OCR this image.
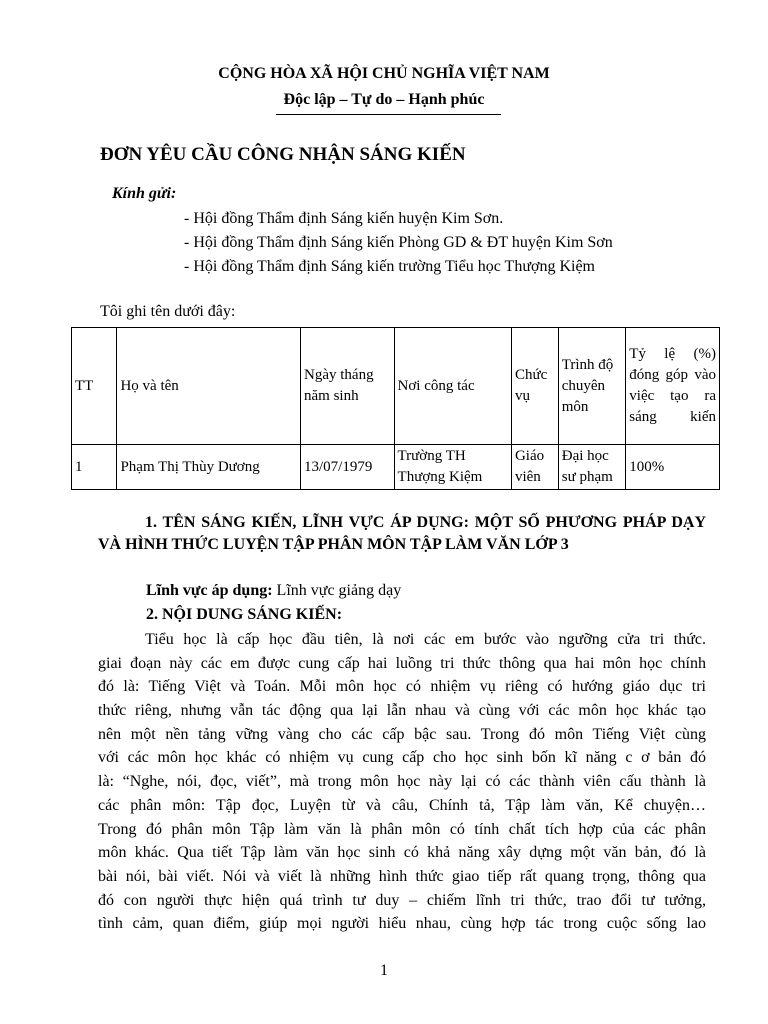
CỘNG HÒA XÃ HỘI CHỦ NGHĨA VIỆT NAM
Độc lập – Tự do – Hạnh phúc
ĐƠN YÊU CẦU CÔNG NHẬN SÁNG KIẾN
Kính gửi:
- Hội đồng Thẩm định Sáng kiến huyện Kim Sơn.
- Hội đồng Thẩm định Sáng kiến Phòng GD & ĐT huyện Kim Sơn
- Hội đồng Thẩm định Sáng kiến trường Tiểu học Thượng Kiệm
Tôi ghi tên dưới đây:
TT	Họ và tên	Ngày tháng năm sinh	Nơi công tác	Chức vụ	Trình độ chuyên môn	Tỷ lệ (%) đóng góp vào việc tạo ra sáng kiến
1	Phạm Thị Thùy Dương	13/07/1979	Trường TH Thượng Kiệm	Giáo viên	Đại học sư phạm	100%
1. TÊN SÁNG KIẾN, LĨNH VỰC ÁP DỤNG: MỘT SỐ PHƯƠNG PHÁP DẠY VÀ HÌNH THỨC LUYỆN TẬP PHÂN MÔN TẬP LÀM VĂN LỚP 3
Lĩnh vực áp dụng: Lĩnh vực giảng dạy
2. NỘI DUNG SÁNG KIẾN:
Tiểu học là cấp học đầu tiên, là nơi các em bước vào ngưỡng cửa tri thức.
giai đoạn này các em được cung cấp hai luồng tri thức thông qua hai môn học chính
đó là: Tiếng Việt và Toán. Mỗi môn học có nhiệm vụ riêng có hướng giáo dục tri
thức riêng, nhưng vẫn tác động qua lại lẫn nhau và cùng với các môn học khác tạo
nên một nền tảng vững vàng cho các cấp bậc sau. Trong đó môn Tiếng Việt cùng
với các môn học khác có nhiệm vụ cung cấp cho học sinh bốn kĩ năng c ơ bản đó
là: “Nghe, nói, đọc, viết”, mà trong môn học này lại có các thành viên cấu thành là
các phân môn: Tập đọc, Luyện từ và câu, Chính tả, Tập làm văn, Kể chuyện…
Trong đó phân môn Tập làm văn là phân môn có tính chất tích hợp của các phân
môn khác. Qua tiết Tập làm văn học sinh có khả năng xây dựng một văn bản, đó là
bài nói, bài viết. Nói và viết là những hình thức giao tiếp rất quang trọng, thông qua
đó con người thực hiện quá trình tư duy – chiếm lĩnh tri thức, trao đổi tư tưởng,
tình cảm, quan điểm, giúp mọi người hiểu nhau, cùng hợp tác trong cuộc sống lao
1
